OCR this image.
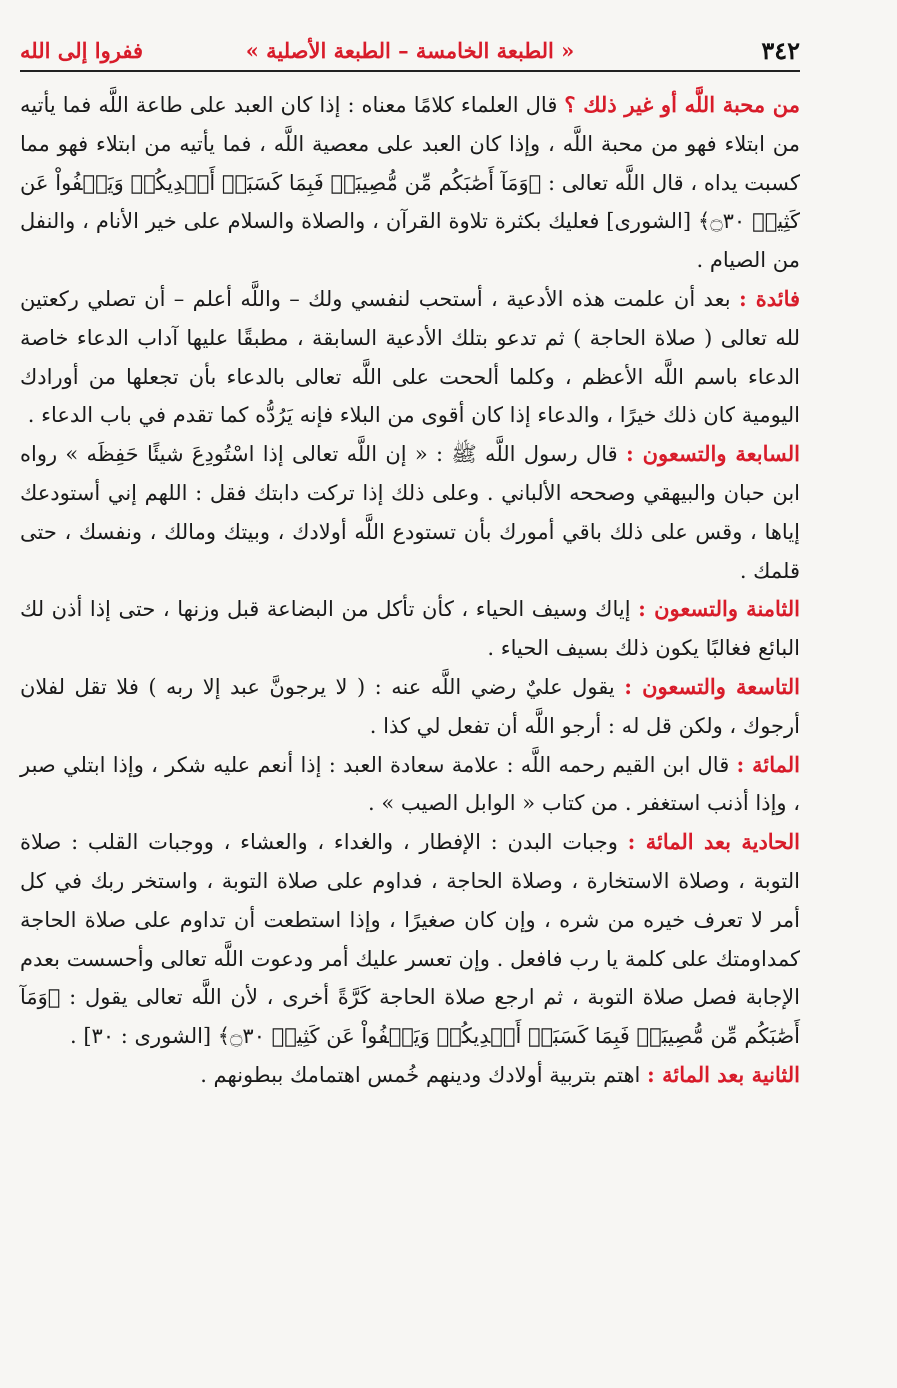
٣٤٢
« الطبعة الخامسة – الطبعة الأصلية »
ففروا إلى الله

من محبة اللَّه أو غير ذلك ؟ قال العلماء كلامًا معناه : إذا كان العبد على طاعة اللَّه فما يأتيه من ابتلاء فهو من محبة اللَّه ، وإذا كان العبد على معصية اللَّه ، فما يأتيه من ابتلاء فهو مما كسبت يداه ، قال اللَّه تعالى : ﴿وَمَآ أَصَٰبَكُم مِّن مُّصِيبَةٖ فَبِمَا كَسَبَتۡ أَيۡدِيكُمۡ وَيَعۡفُواْ عَن كَثِيرٖ ۝٣٠﴾ [الشورى] فعليك بكثرة تلاوة القرآن ، والصلاة والسلام على خير الأنام ، والنفل من الصيام .

فائدة : بعد أن علمت هذه الأدعية ، أستحب لنفسي ولك – واللَّه أعلم – أن تصلي ركعتين لله تعالى ( صلاة الحاجة ) ثم تدعو بتلك الأدعية السابقة ، مطبقًا عليها آداب الدعاء خاصة الدعاء باسم اللَّه الأعظم ، وكلما ألححت على اللَّه تعالى بالدعاء بأن تجعلها من أورادك اليومية كان ذلك خيرًا ، والدعاء إذا كان أقوى من البلاء فإنه يَرُدُّه كما تقدم في باب الدعاء .

السابعة والتسعون : قال رسول اللَّه ﷺ : « إن اللَّه تعالى إذا اسْتُودِعَ شيئًا حَفِظَه » رواه ابن حبان والبيهقي وصححه الألباني . وعلى ذلك إذا تركت دابتك فقل : اللهم إني أستودعك إياها ، وقس على ذلك باقي أمورك بأن تستودع اللَّه أولادك ، وبيتك ومالك ، ونفسك ، حتى قلمك .

الثامنة والتسعون : إياك وسيف الحياء ، كأن تأكل من البضاعة قبل وزنها ، حتى إذا أذن لك البائع فغالبًا يكون ذلك بسيف الحياء .

التاسعة والتسعون : يقول عليٌ رضي اللَّه عنه : ( لا يرجونَّ عبد إلا ربه ) فلا تقل لفلان أرجوك ، ولكن قل له : أرجو اللَّه أن تفعل لي كذا .

المائة : قال ابن القيم رحمه اللَّه : علامة سعادة العبد : إذا أنعم عليه شكر ، وإذا ابتلي صبر ، وإذا أذنب استغفر . من كتاب « الوابل الصيب » .

الحادية بعد المائة : وجبات البدن : الإفطار ، والغداء ، والعشاء ، ووجبات القلب : صلاة التوبة ، وصلاة الاستخارة ، وصلاة الحاجة ، فداوم على صلاة التوبة ، واستخر ربك في كل أمر لا تعرف خيره من شره ، وإن كان صغيرًا ، وإذا استطعت أن تداوم على صلاة الحاجة كمداومتك على كلمة يا رب فافعل . وإن تعسر عليك أمر ودعوت اللَّه تعالى وأحسست بعدم الإجابة فصل صلاة التوبة ، ثم ارجع صلاة الحاجة كَرَّةً أخرى ، لأن اللَّه تعالى يقول : ﴿وَمَآ أَصَٰبَكُم مِّن مُّصِيبَةٖ فَبِمَا كَسَبَتۡ أَيۡدِيكُمۡ وَيَعۡفُواْ عَن كَثِيرٖ ۝٣٠﴾ [الشورى : ٣٠] .

الثانية بعد المائة : اهتم بتربية أولادك ودينهم خُمس اهتمامك ببطونهم .
